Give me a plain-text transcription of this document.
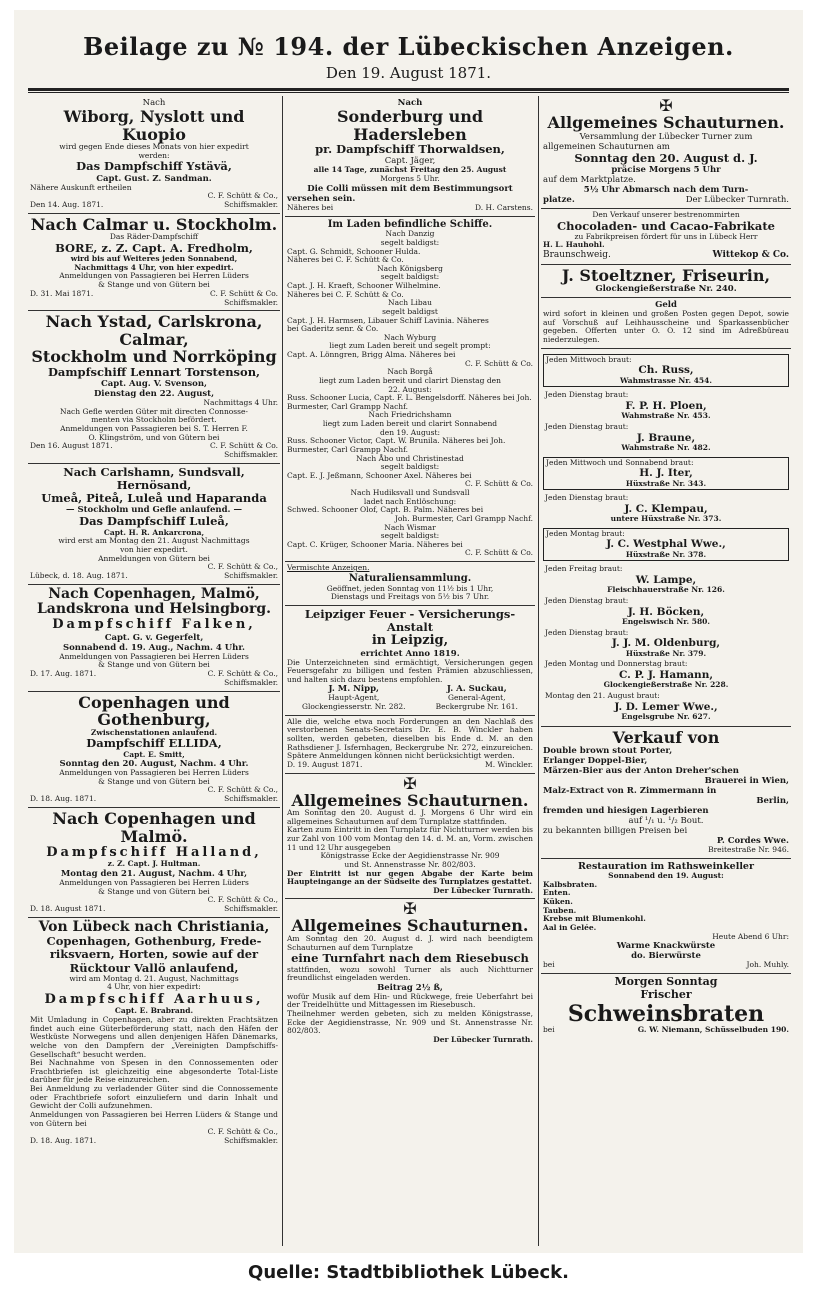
Beilage zu № 194. der Lübeckischen Anzeigen.
Den 19. August 1871.
Nach
Wiborg, Nyslott und Kuopio
wird gegen Ende dieses Monats von hier expedirt
werden:
Das Dampfschiff Ystävä,
Capt. Gust. Z. Sandman.
Nähere Auskunft ertheilen
C. F. Schütt & Co.,
Den 14. Aug. 1871.	Schiffsmakler.
Nach Calmar u. Stockholm.
Das Räder-Dampfschiff
BORE, z. Z. Capt. A. Fredholm,
wird bis auf Weiteres jeden Sonnabend,
Nachmittags 4 Uhr, von hier expedirt.
Anmeldungen von Passagieren bei Herren Lüders
& Stange und von Gütern bei
D. 31. Mai 1871.	C. F. Schütt & Co.
Schiffsmakler.
Nach Ystad, Carlskrona, Calmar,
Stockholm und Norrköping
Dampfschiff Lennart Torstenson,
Capt. Aug. V. Svenson,
Dienstag den 22. August,
Nachmittags 4 Uhr.
Nach Gefle werden Güter mit directen Connosse-
menten via Stockholm befördert.
Anmeldungen von Passagieren bei S. T. Herren F.
O. Klingström, und von Gütern bei
Den 16. August 1871.	C. F. Schütt & Co.
Schiffsmakler.
Nach Carlshamn, Sundsvall, Hernösand,
Umeå, Piteå, Luleå und Haparanda
— Stockholm und Gefle anlaufend. —
Das Dampfschiff Luleå,
Capt. H. R. Ankarcrona,
wird erst am Montag den 21. August Nachmittags
von hier expedirt.
Anmeldungen von Gütern bei
C. F. Schütt & Co.,
Lübeck, d. 18. Aug. 1871.	Schiffsmakler.
Nach Copenhagen, Malmö, Landskrona und Helsingborg.
Dampfschiff Falken,
Capt. G. v. Gegerfelt,
Sonnabend d. 19. Aug., Nachm. 4 Uhr.
Anmeldungen von Passagieren bei Herren Lüders
& Stange und von Gütern bei
D. 17. Aug. 1871.	C. F. Schütt & Co.,
Schiffsmakler.
Copenhagen und Gothenburg,
Zwischenstationen anlaufend.
Dampfschiff ELLIDA,
Capt. E. Smitt,
Sonntag den 20. August, Nachm. 4 Uhr.
Anmeldungen von Passagieren bei Herren Lüders
& Stange und von Gütern bei
C. F. Schütt & Co.,
D. 18. Aug. 1871.	Schiffsmakler.
Nach Copenhagen und Malmö.
Dampfschiff Halland,
z. Z. Capt. J. Hultman.
Montag den 21. August, Nachm. 4 Uhr,
Anmeldungen von Passagieren bei Herren Lüders
& Stange und von Gütern bei
C. F. Schütt & Co.,
D. 18. August 1871.	Schiffsmakler.
Von Lübeck nach Christiania,
Copenhagen, Gothenburg, Frede-
riksvaern, Horten, sowie auf der
Rücktour Vallö anlaufend,
wird am Montag d. 21. August, Nachmittags
4 Uhr, von hier expedirt:
Dampfschiff Aarhuus,
Capt. E. Brabrand.
Mit Umladung in Copenhagen, aber zu direkten Frachtsätzen findet auch eine Güterbeförderung statt, nach den Häfen der Westküste Norwegens und allen denjenigen Häfen Dänemarks, welche von den Dampfern der „Vereinigten Dampfschiffs-Gesellschaft“ besucht werden.
Bei Nachnahme von Spesen in den Connossementen oder Frachtbriefen ist gleichzeitig eine abgesonderte Total-Liste darüber für jede Reise einzureichen.
Bei Anmeldung zu verladender Güter sind die Connossemente oder Frachtbriefe sofort einzuliefern und darin Inhalt und Gewicht der Colli aufzunehmen.
Anmeldungen von Passagieren bei Herren Lüders & Stange und von Gütern bei
C. F. Schütt & Co.,
D. 18. Aug. 1871.	Schiffsmakler.
Nach
Sonderburg und Hadersleben
pr. Dampfschiff Thorwaldsen,
Capt. Jäger,
alle 14 Tage, zunächst Freitag den 25. August
Morgens 5 Uhr.
Die Colli müssen mit dem Bestimmungsort
versehen sein.
Näheres bei	D. H. Carstens.
Im Laden befindliche Schiffe.
Nach Danzig
segelt baldigst:
Capt. G. Schmidt, Schooner Hulda.
Näheres bei C. F. Schütt & Co.
Nach Königsberg
segelt baldigst:
Capt. J. H. Kraeft, Schooner Wilhelmine.
Näheres bei C. F. Schütt & Co.
Nach Libau
segelt baldigst
Capt. J. H. Harmsen, Libauer Schiff Lavinia. Näheres
bei Gaderitz senr. & Co.
Nach Wyburg
liegt zum Laden bereit und segelt prompt:
Capt. A. Lönngren, Brigg Alma. Näheres bei
C. F. Schütt & Co.
Nach Borgå
liegt zum Laden bereit und clarirt Dienstag den
22. August:
Russ. Schooner Lucia, Capt. F. L. Bengelsdorff. Näheres bei Joh. Burmester, Carl Grampp Nachf.
Nach Friedrichshamn
liegt zum Laden bereit und clarirt Sonnabend
den 19. August:
Russ. Schooner Victor, Capt. W. Brunila. Näheres bei Joh. Burmester, Carl Grampp Nachf.
Nach Åbo und Christinestad
segelt baldigst:
Capt. E. J. Jeßmann, Schooner Axel. Näheres bei
C. F. Schütt & Co.
Nach Hudiksvall und Sundsvall
ladet nach Entlöschung:
Schwed. Schooner Olof, Capt. B. Palm. Näheres bei
Joh. Burmester, Carl Grampp Nachf.
Nach Wismar
segelt baldigst:
Capt. C. Krüger, Schooner Maria. Näheres bei
C. F. Schütt & Co.
Vermischte Anzeigen.
Naturaliensammlung.
Geöffnet, jeden Sonntag von 11½ bis 1 Uhr,
Dienstags und Freitags von 5½ bis 7 Uhr.
Leipziger Feuer - Versicherungs-Anstalt
in Leipzig,
errichtet Anno 1819.
Die Unterzeichneten sind ermächtigt, Versicherungen gegen Feuersgefahr zu billigen und festen Prämien abzuschliessen, und halten sich dazu bestens empfohlen.
J. M. Nipp,
Haupt-Agent,
Glockengiesserstr. Nr. 282.
J. A. Suckau,
General-Agent,
Beckergrube Nr. 161.
Alle die, welche etwa noch Forderungen an den Nachlaß des verstorbenen Senats-Secretairs Dr. E. B. Winckler haben sollten, werden gebeten, dieselben bis Ende d. M. an den Rathsdiener J. Isfernhagen, Beckergrube Nr. 272, einzureichen. Spätere Anmeldungen können nicht berücksichtigt werden.
D. 19. August 1871.	M. Winckler.
✠
Allgemeines Schauturnen.
Am Sonntag den 20. August d. J. Morgens 6 Uhr wird ein allgemeines Schauturnen auf dem Turnplatze stattfinden.
Karten zum Eintritt in den Turnplatz für Nichtturner werden bis zur Zahl von 100 vom Montag den 14. d. M. an, Vorm. zwischen 11 und 12 Uhr ausgegeben
Königstrasse Ecke der Aegidienstrasse Nr. 909
und St. Annenstrasse Nr. 802/803.
Der Eintritt ist nur gegen Abgabe der Karte beim Haupteingange an der Südseite des Turnplatzes gestattet.
Der Lübecker Turnrath.
✠
Allgemeines Schauturnen.
Am Sonntag den 20. August d. J. wird nach beendigtem Schauturnen auf dem Turnplatze
eine Turnfahrt nach dem Riesebusch
stattfinden, wozu sowohl Turner als auch Nichtturner freundlichst eingeladen werden.
Beitrag 2½ ß,
wofür Musik auf dem Hin- und Rückwege, freie Ueberfahrt bei der Treidelhütte und Mittagessen im Riesebusch.
Theilnehmer werden gebeten, sich zu melden Königstrasse, Ecke der Aegidienstrasse, Nr. 909 und St. Annenstrasse Nr. 802/803.
Der Lübecker Turnrath.
✠
Allgemeines Schauturnen.
Versammlung der Lübecker Turner zum
allgemeinen Schauturnen am
Sonntag den 20. August d. J.
präcise Morgens 5 Uhr
auf dem Marktplatze.
5½ Uhr Abmarsch nach dem Turn-
platze.	Der Lübecker Turnrath.
Den Verkauf unserer bestrenommirten
Chocoladen- und Cacao-Fabrikate
zu Fabrikpreisen fördert für uns in Lübeck Herr
H. L. Hauhohl.
Braunschweig.	Wittekop & Co.
J. Stoeltzner, Friseurin,
Glockengießerstraße Nr. 240.
Geld
wird sofort in kleinen und großen Posten gegen Depot, sowie auf Vorschuß auf Leihhausscheine und Sparkassenbücher gegeben. Offerten unter O. O. 12 sind im Adreßbüreau niederzulegen.
Jeden Mittwoch braut:
Ch. Russ,
Wahmstrasse Nr. 454.
Jeden Dienstag braut:
F. P. H. Ploen,
Wahmstraße Nr. 453.
Jeden Dienstag braut:
J. Braune,
Wahmstraße Nr. 482.
Jeden Mittwoch und Sonnabend braut:
H. J. Iter,
Hüxstraße Nr. 343.
Jeden Dienstag braut:
J. C. Klempau,
untere Hüxstraße Nr. 373.
Jeden Montag braut:
J. C. Westphal Wwe.,
Hüxstraße Nr. 378.
Jeden Freitag braut:
W. Lampe,
Fleischhauerstraße Nr. 126.
Jeden Dienstag braut:
J. H. Böcken,
Engelswisch Nr. 580.
Jeden Dienstag braut:
J. J. M. Oldenburg,
Hüxstraße Nr. 379.
Jeden Montag und Donnerstag braut:
C. P. J. Hamann,
Glockengießerstraße Nr. 228.
Montag den 21. August braut:
J. D. Lemer Wwe.,
Engelsgrube Nr. 627.
Verkauf von
Double brown stout Porter,
Erlanger Doppel-Bier,
Märzen-Bier aus der Anton Dreher'schen
Brauerei in Wien,
Malz-Extract von R. Zimmermann in
Berlin,
fremden und hiesigen Lagerbieren
auf ¹/₁ u. ¹/₂ Bout.
zu bekannten billigen Preisen bei
P. Cordes Wwe.
Breitestraße Nr. 946.
Restauration im Rathsweinkeller
Sonnabend den 19. August:
Kalbsbraten.
Enten.
Küken.
Tauben.
Krebse mit Blumenkohl.
Aal in Gelée.
Heute Abend 6 Uhr:
Warme Knackwürste
do. Bierwürste
bei	Joh. Muhly.
Morgen Sonntag
Frischer
Schweinsbraten
bei	G. W. Niemann, Schüsselbuden 190.
Quelle: Stadtbibliothek Lübeck.
